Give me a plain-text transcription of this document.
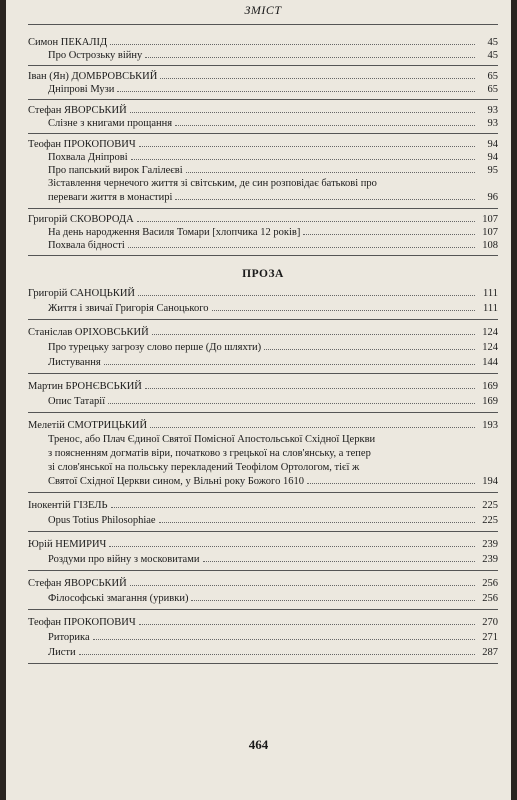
ЗМІСТ
Симон ПЕКАЛІД	45
Про Острозьку війну	45
Іван (Ян) ДОМБРОВСЬКИЙ	65
Дніпрові Музи	65
Стефан ЯВОРСЬКИЙ	93
Слізне з книгами прощання	93
Теофан ПРОКОПОВИЧ	94
Похвала Дніпрові	94
Про папський вирок Галілеєві	95
Зіставлення чернечого життя зі світським, де син розповідає батькові про
переваги життя в монастирі	96
Григорій СКОВОРОДА	107
На день народження Василя Томари [хлопчика 12 років]	107
Похвала бідності	108
ПРОЗА
Григорій САНОЦЬКИЙ	111
Життя і звичаї Григорія Саноцького	111
Станіслав ОРІХОВСЬКИЙ	124
Про турецьку загрозу слово перше (До шляхти)	124
Листування	144
Мартин БРОНЄВСЬКИЙ	169
Опис Татарії	169
Мелетій СМОТРИЦЬКИЙ	193
Тренос, або Плач Єдиної Святої Помісної Апостольської Східної Церкви
з поясненням догматів віри, початково з грецької на слов'янську, а тепер
зі слов'янської на польську перекладений Теофілом Ортологом, тієї ж
Святої Східної Церкви сином, у Вільні року Божого 1610	194
Інокентій ГІЗЕЛЬ	225
Opus Totius Philosophiae	225
Юрій НЕМИРИЧ	239
Роздуми про війну з московитами	239
Стефан ЯВОРСЬКИЙ	256
Філософські змагання (уривки)	256
Теофан ПРОКОПОВИЧ	270
Риторика	271
Листи	287
464
